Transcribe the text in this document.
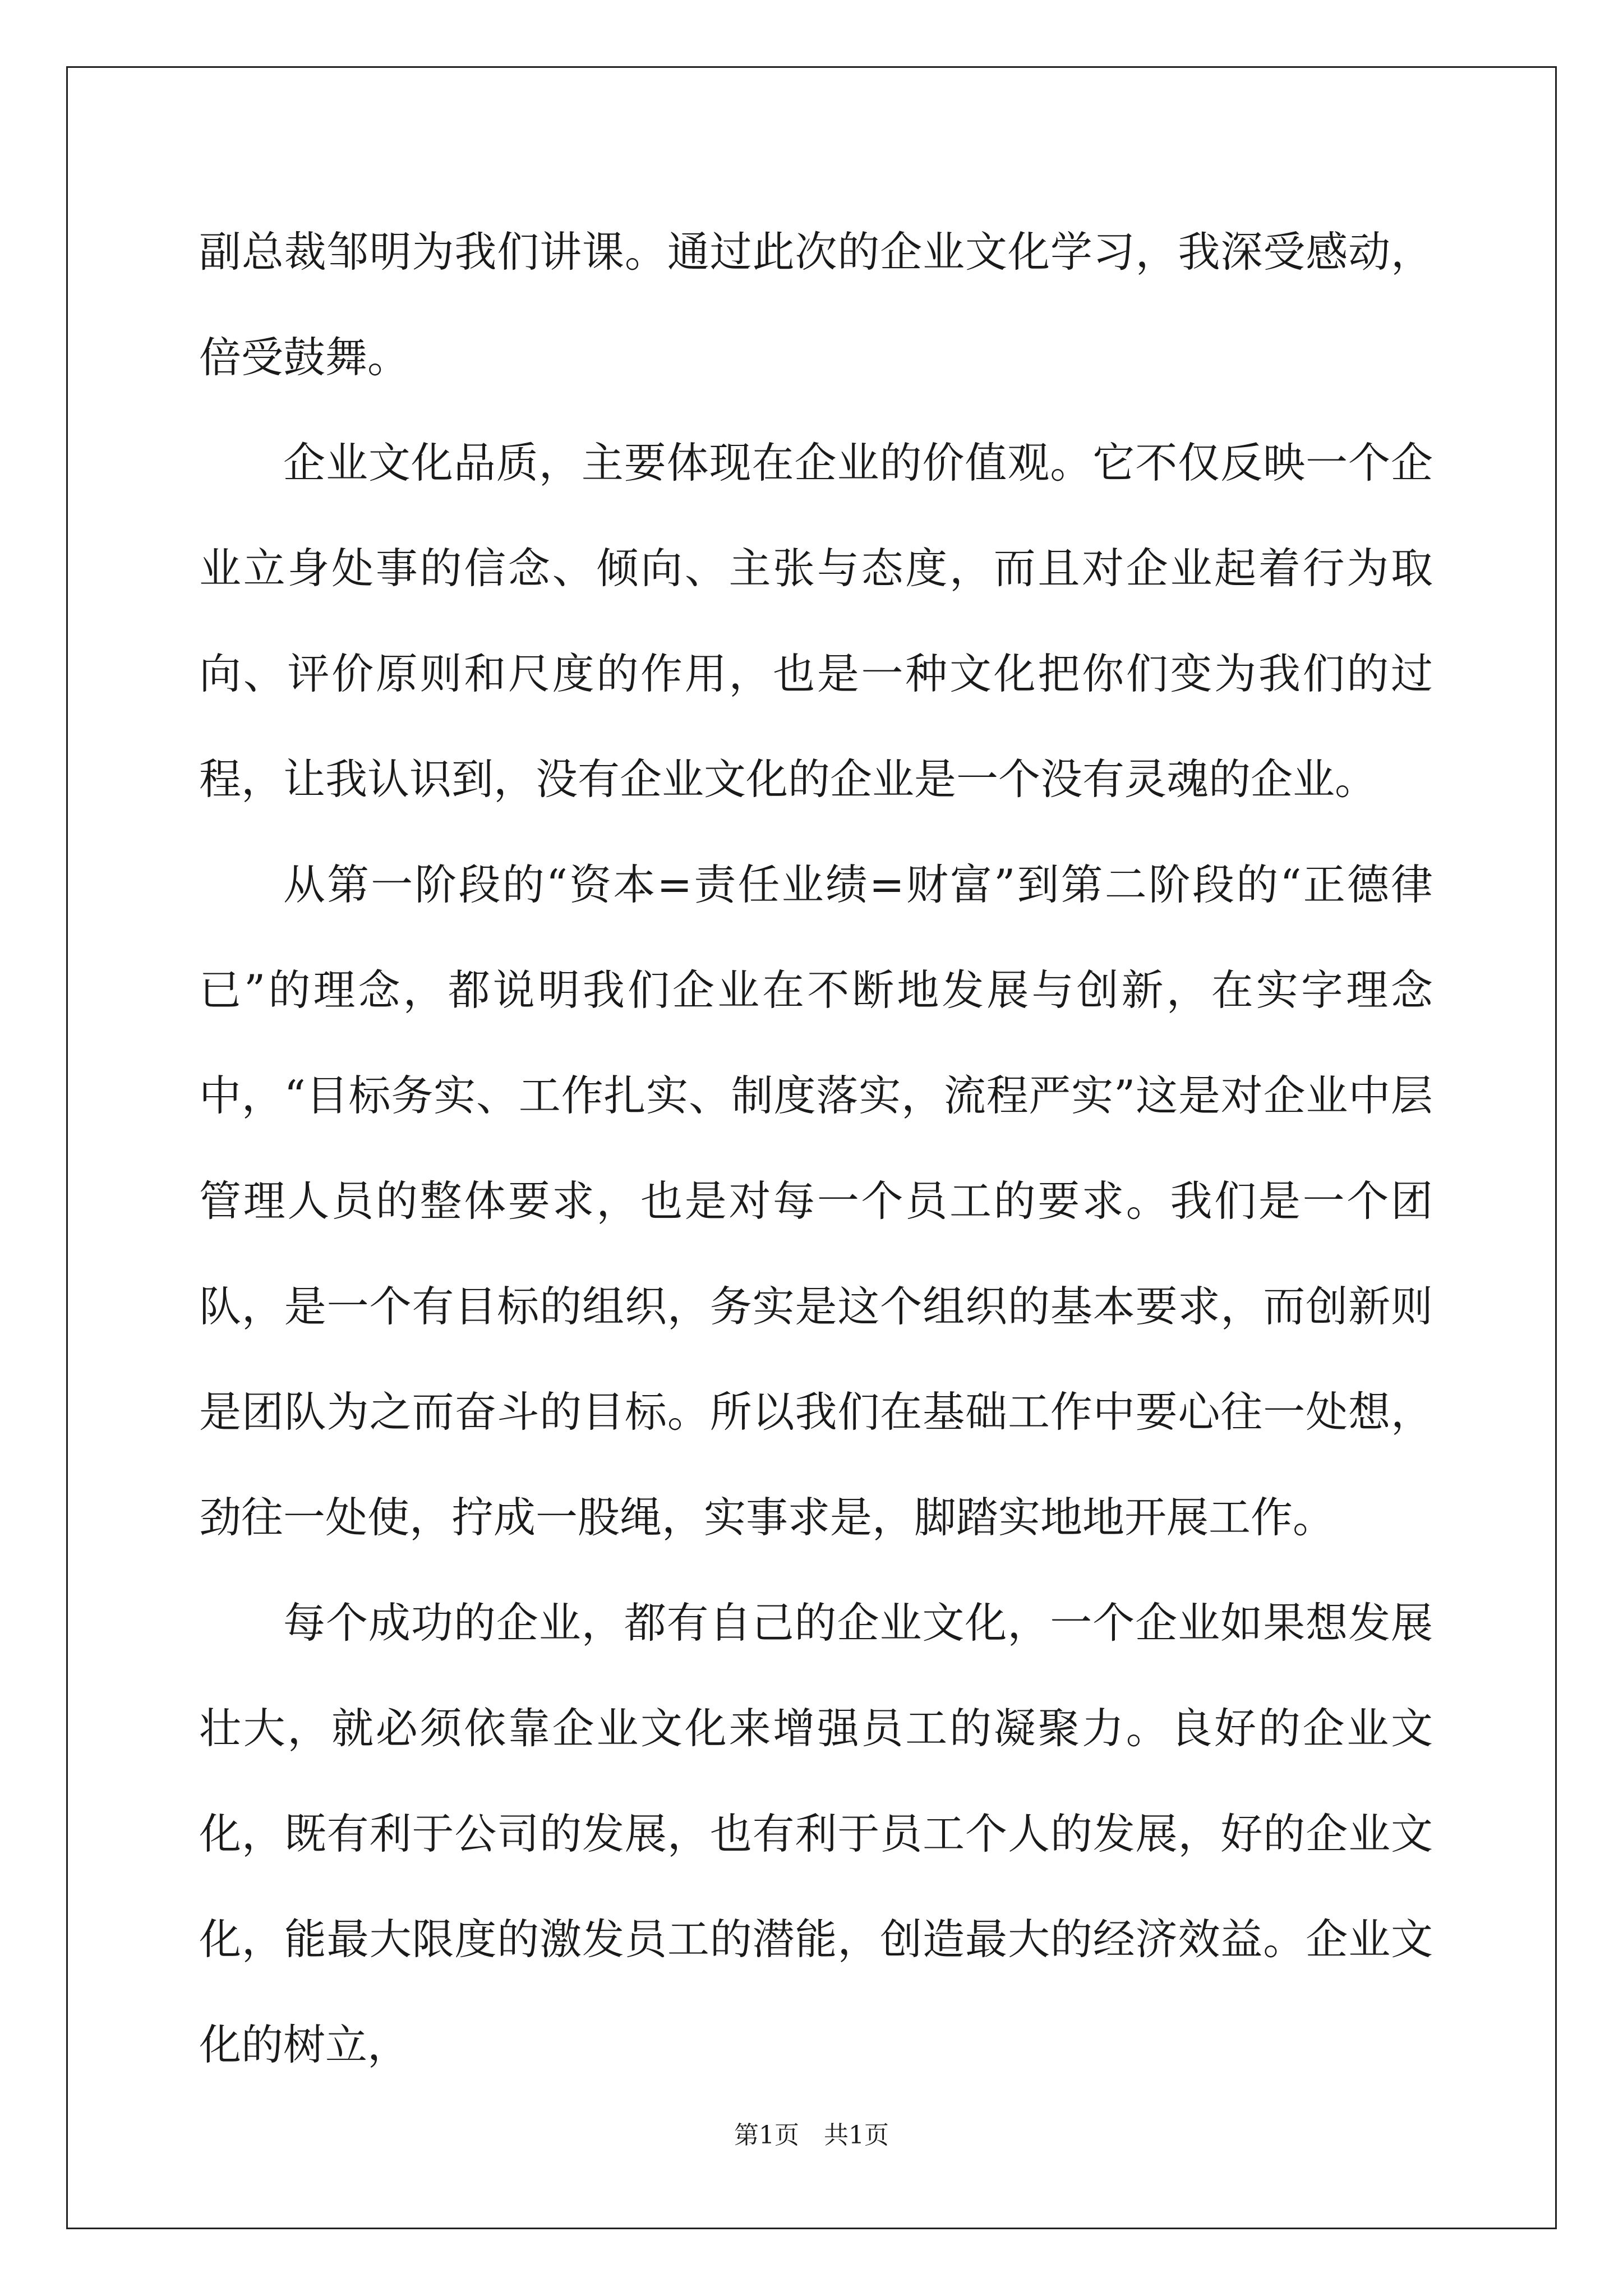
副总裁邹明为我们讲课。通过此次的企业文化学习，我深受感动，倍受鼓舞。

企业文化品质，主要体现在企业的价值观。它不仅反映一个企业立身处事的信念、倾向、主张与态度，而且对企业起着行为取向、评价原则和尺度的作用，也是一种文化把你们变为我们的过程，让我认识到，没有企业文化的企业是一个没有灵魂的企业。

从第一阶段的“资本=责任业绩=财富”到第二阶段的“正德律已”的理念，都说明我们企业在不断地发展与创新，在实字理念中，“目标务实、工作扎实、制度落实，流程严实”这是对企业中层管理人员的整体要求，也是对每一个员工的要求。我们是一个团队，是一个有目标的组织，务实是这个组织的基本要求，而创新则是团队为之而奋斗的目标。所以我们在基础工作中要心往一处想，劲往一处使，拧成一股绳，实事求是，脚踏实地地开展工作。

每个成功的企业，都有自己的企业文化，一个企业如果想发展壮大，就必须依靠企业文化来增强员工的凝聚力。良好的企业文化，既有利于公司的发展，也有利于员工个人的发展，好的企业文化，能最大限度的激发员工的潜能，创造最大的经济效益。企业文化的树立，

第1页　共1页
